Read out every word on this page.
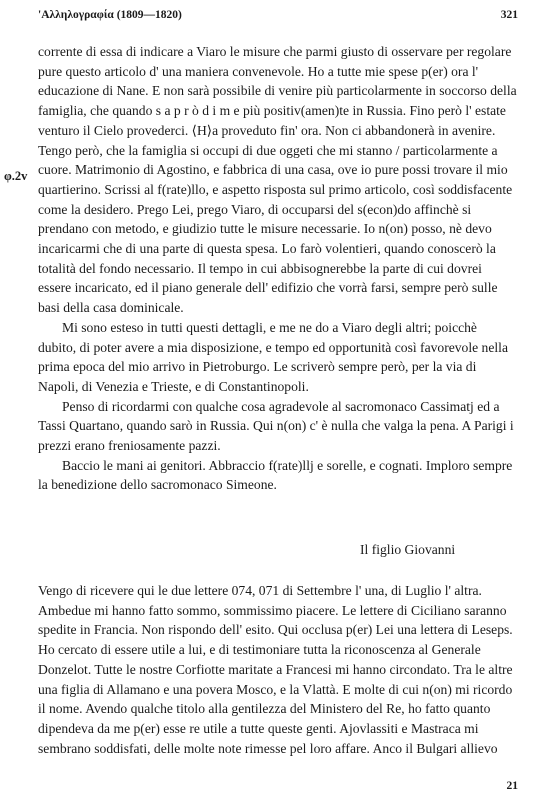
'Αλληλογραφία (1809—1820)	321
φ.2v

corrente di essa di indicare a Viaro le misure che parmi giusto di osservare per regolare pure questo articolo d' una maniera convenevole. Ho a tutte mie spese p(er) ora l' educazione di Nane. E non sarà possibile di venire più particolarmente in soccorso della famiglia, che quando s a p r ò d i m e più positiv(amen)te in Russia. Fino però l' estate venturo il Cielo provederci. ⟨H⟩a proveduto fin' ora. Non ci abbandonerà in avenire. Tengo però, che la famiglia si occupi di due oggeti che mi stanno / particolarmente a cuore. Matrimonio di Agostino, e fabbrica di una casa, ove io pure possi trovare il mio quartierino. Scrissi al f(rate)llo, e aspetto risposta sul primo articolo, così soddisfacente come la desidero. Prego Lei, prego Viaro, di occuparsi del s(econ)do affinchè si prendano con metodo, e giudizio tutte le misure necessarie. Io n(on) posso, nè devo incaricarmi che di una parte di questa spesa. Lo farò volentieri, quando conoscerò la totalità del fondo necessario. Il tempo in cui abbisognerebbe la parte di cui dovrei essere incaricato, ed il piano generale dell' edifizio che vorrà farsi, sempre però sulle basi della casa dominicale.

Mi sono esteso in tutti questi dettagli, e me ne do a Viaro degli altri; poicchè dubito, di poter avere a mia disposizione, e tempo ed opportunità così favorevole nella prima epoca del mio arrivo in Pietroburgo. Le scriverò sempre però, per la via di Napoli, di Venezia e Trieste, e di Constantinopoli.

Penso di ricordarmi con qualche cosa agradevole al sacromonaco Cassimatj ed a Tassi Quartano, quando sarò in Russia. Qui n(on) c' è nulla che valga la pena. A Parigi i prezzi erano freniosamente pazzi.

Baccio le mani ai genitori. Abbraccio f(rate)llj e sorelle, e cognati. Imploro sempre la benedizione dello sacromonaco Simeone.

Il figlio Giovanni

Vengo di ricevere qui le due lettere 074, 071 di Settembre l' una, di Luglio l' altra. Ambedue mi hanno fatto sommo, sommissimo piacere. Le lettere di Ciciliano saranno spedite in Francia. Non rispondo dell' esito. Qui occlusa p(er) Lei una lettera di Leseps. Ho cercato di essere utile a lui, e di testimoniare tutta la riconoscenza al Generale Donzelot. Tutte le nostre Corfiotte maritate a Francesi mi hanno circondato. Tra le altre una figlia di Allamano e una povera Mosco, e la Vlattà. E molte di cui n(on) mi ricordo il nome. Avendo qualche titolo alla gentilezza del Ministero del Re, ho fatto quanto dipendeva da me p(er) esse re utile a tutte queste genti. Ajovlassiti e Mastraca mi sembrano soddisfati, delle molte note rimesse pel loro affare. Anco il Bulgari allievo

21
